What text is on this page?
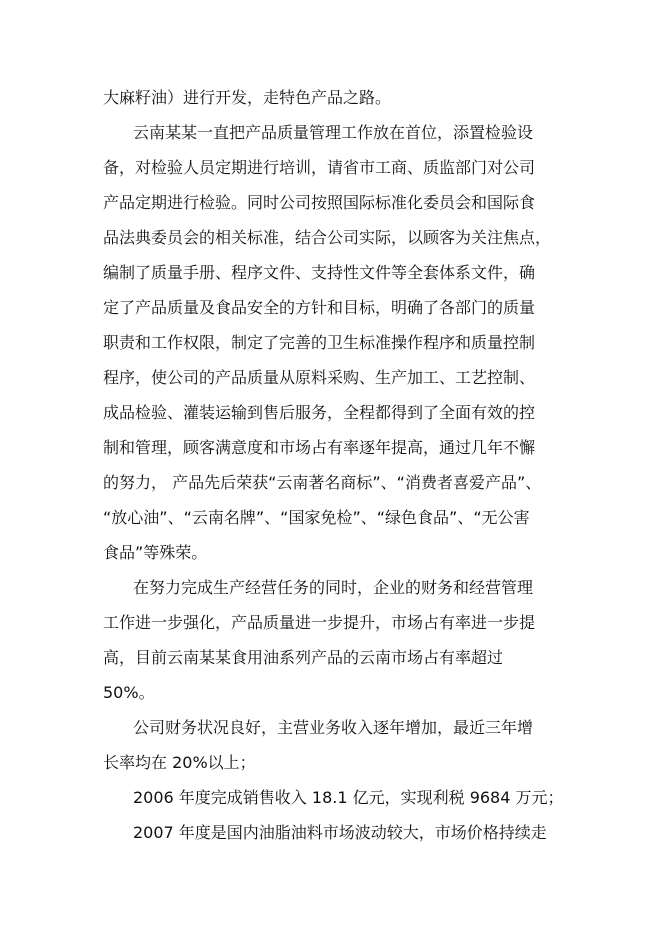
大麻籽油）进行开发，走特色产品之路。
云南某某一直把产品质量管理工作放在首位，添置检验设
备，对检验人员定期进行培训，请省市工商、质监部门对公司
产品定期进行检验。同时公司按照国际标准化委员会和国际食
品法典委员会的相关标准，结合公司实际，以顾客为关注焦点，
编制了质量手册、程序文件、支持性文件等全套体系文件，确
定了产品质量及食品安全的方针和目标，明确了各部门的质量
职责和工作权限，制定了完善的卫生标准操作程序和质量控制
程序，使公司的产品质量从原料采购、生产加工、工艺控制、
成品检验、灌装运输到售后服务，全程都得到了全面有效的控
制和管理，顾客满意度和市场占有率逐年提高，通过几年不懈
的努力， 产品先后荣获“云南著名商标”、“消费者喜爱产品”、
“放心油”、“云南名牌”、“国家免检”、“绿色食品”、“无公害
食品”等殊荣。
在努力完成生产经营任务的同时，企业的财务和经营管理
工作进一步强化，产品质量进一步提升，市场占有率进一步提
高，目前云南某某食用油系列产品的云南市场占有率超过
50%。
公司财务状况良好，主营业务收入逐年增加，最近三年增
长率均在 20%以上；
2006 年度完成销售收入 18.1 亿元，实现利税 9684 万元；
2007 年度是国内油脂油料市场波动较大，市场价格持续走
